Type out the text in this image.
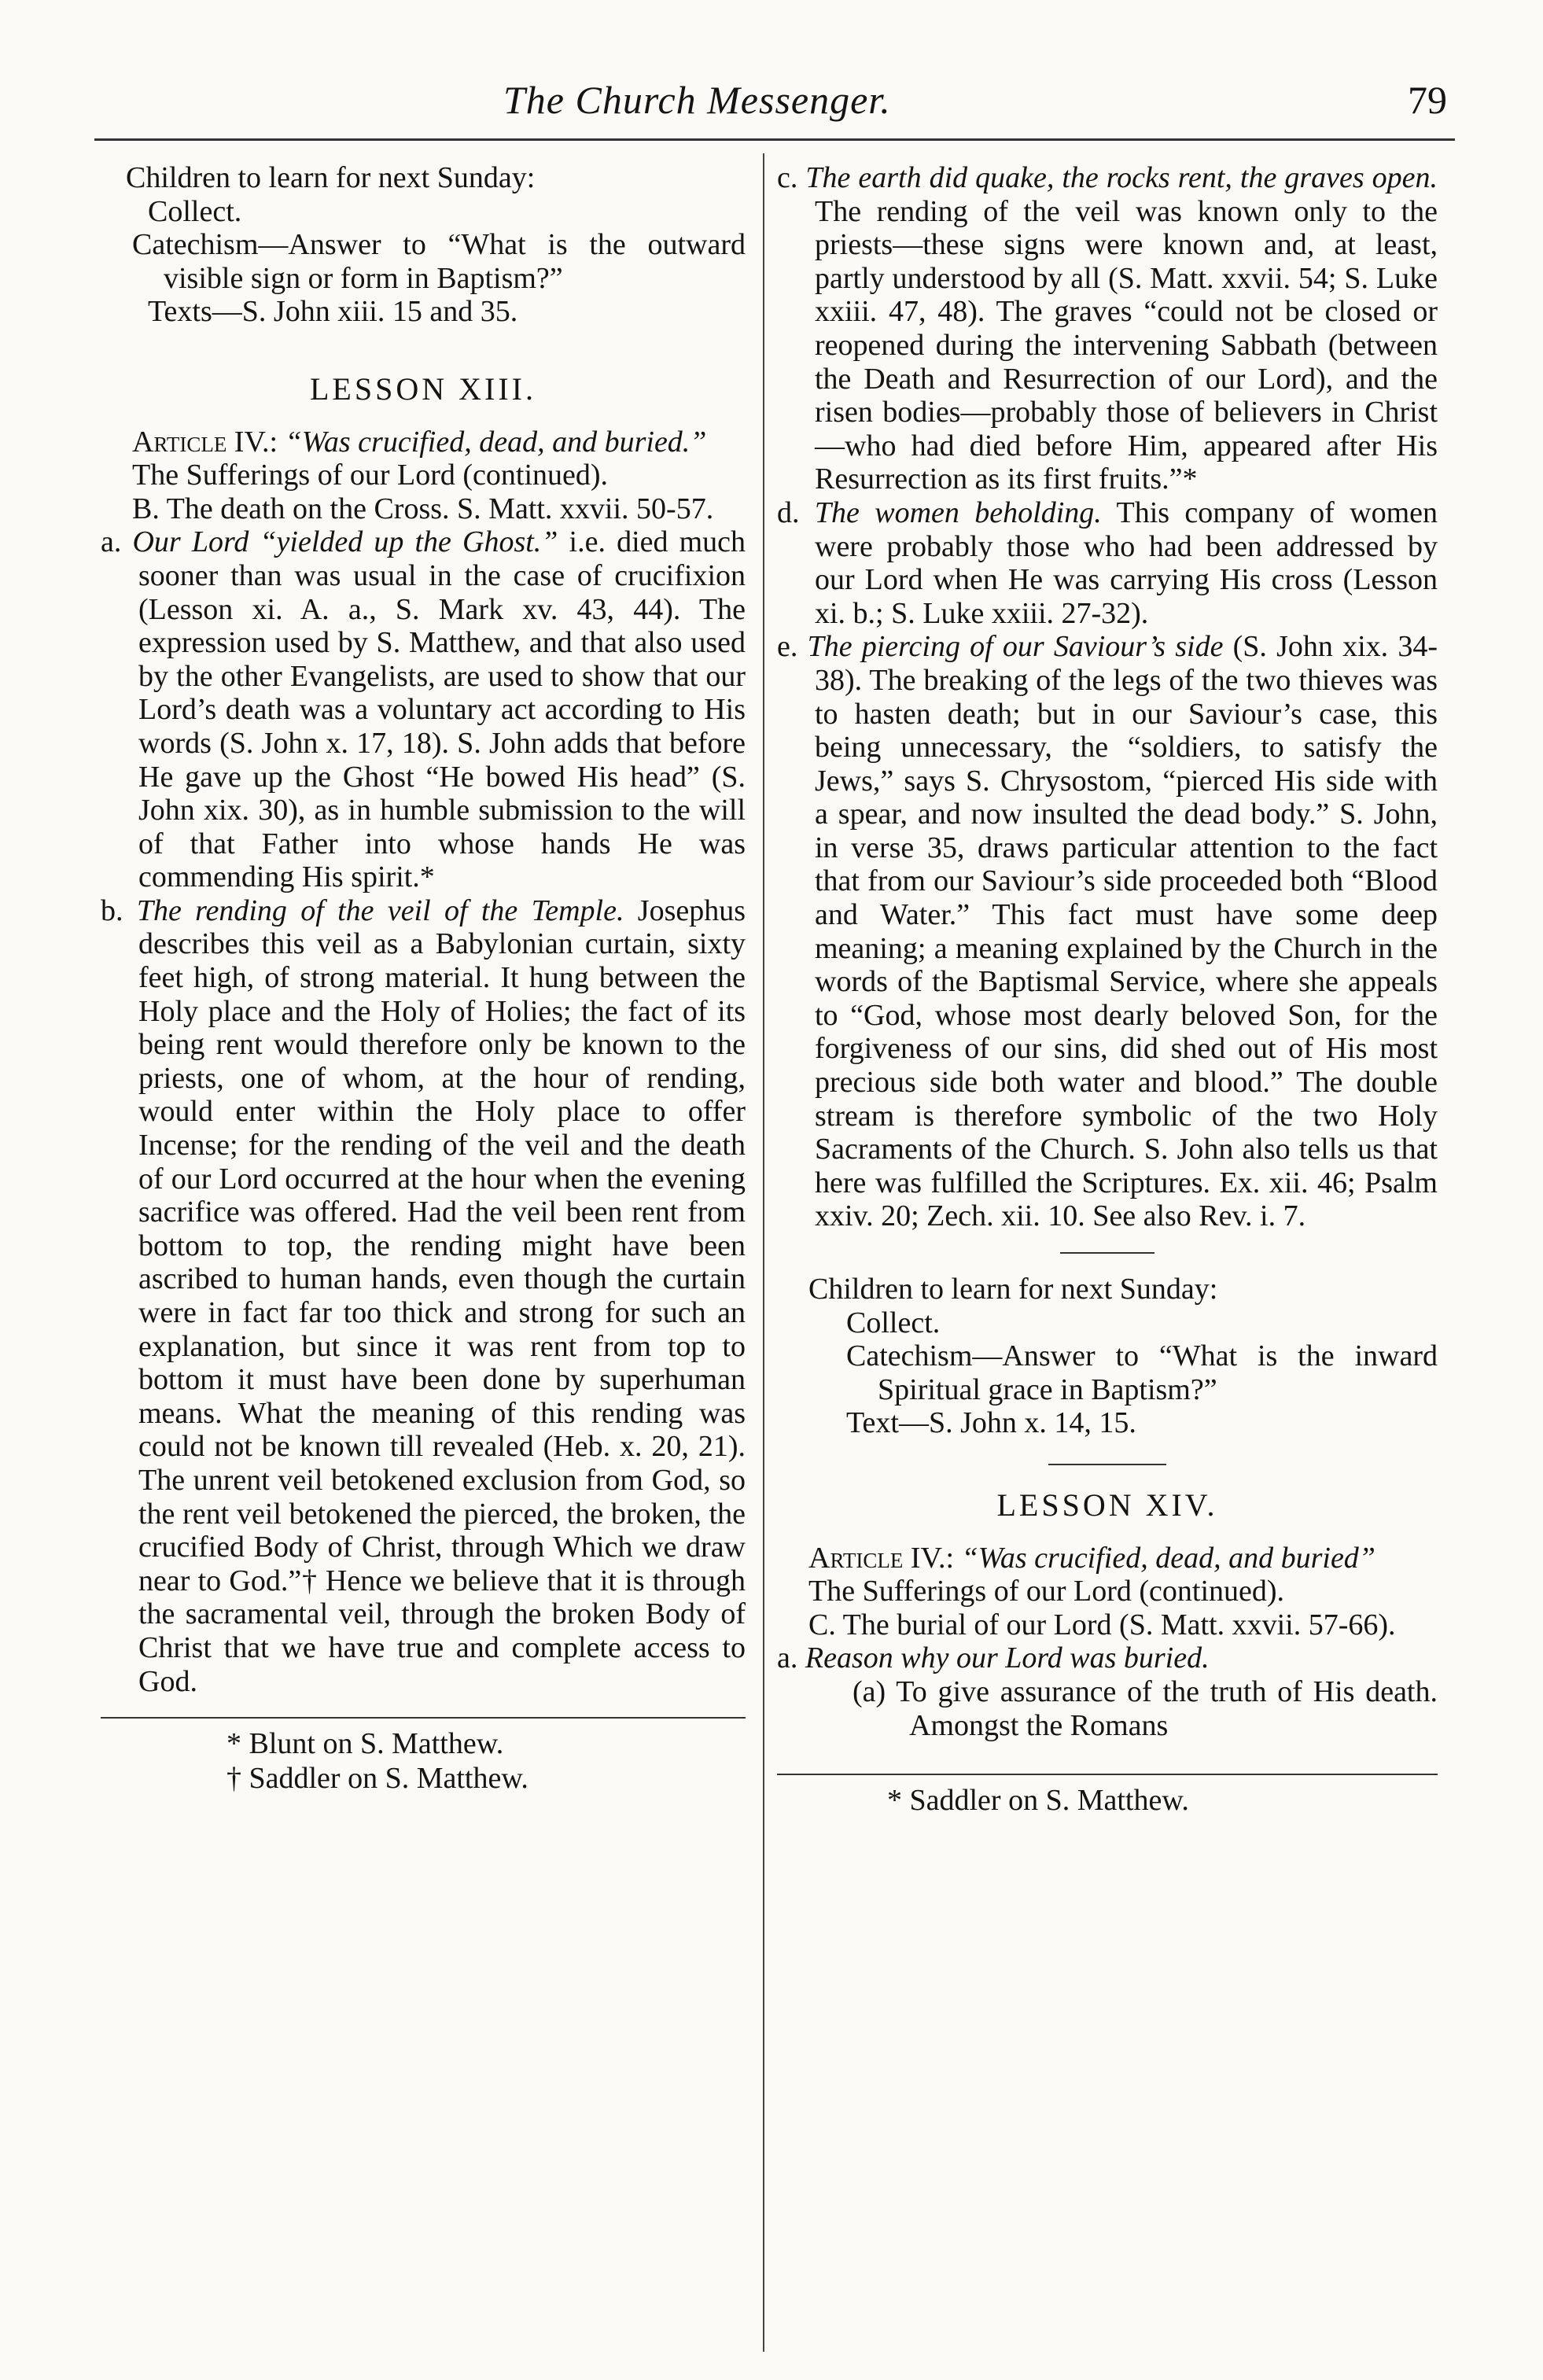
The Church Messenger.	79

Children to learn for next Sunday:

Collect.

Catechism—Answer to “What is the outward visible sign or form in Baptism?”

Texts—S. John xiii. 15 and 35.

LESSON XIII.

Article IV.: “Was crucified, dead, and buried.”

The Sufferings of our Lord (continued).

B. The death on the Cross. S. Matt. xxvii. 50-57.

a. Our Lord “yielded up the Ghost.” i.e. died much sooner than was usual in the case of crucifixion (Lesson xi. A. a., S. Mark xv. 43, 44). The expression used by S. Matthew, and that also used by the other Evangelists, are used to show that our Lord’s death was a voluntary act according to His words (S. John x. 17, 18). S. John adds that before He gave up the Ghost “He bowed His head” (S. John xix. 30), as in humble submission to the will of that Father into whose hands He was commending His spirit.*

b. The rending of the veil of the Temple. Josephus describes this veil as a Babylonian curtain, sixty feet high, of strong material. It hung between the Holy place and the Holy of Holies; the fact of its being rent would therefore only be known to the priests, one of whom, at the hour of rending, would enter within the Holy place to offer Incense; for the rending of the veil and the death of our Lord occurred at the hour when the evening sacrifice was offered. Had the veil been rent from bottom to top, the rending might have been ascribed to human hands, even though the curtain were in fact far too thick and strong for such an explanation, but since it was rent from top to bottom it must have been done by superhuman means. What the meaning of this rending was could not be known till revealed (Heb. x. 20, 21). The unrent veil betokened exclusion from God, so the rent veil betokened the pierced, the broken, the crucified Body of Christ, through Which we draw near to God.”† Hence we believe that it is through the sacramental veil, through the broken Body of Christ that we have true and complete access to God.

* Blunt on S. Matthew.

† Saddler on S. Matthew.

c. The earth did quake, the rocks rent, the graves open. The rending of the veil was known only to the priests—these signs were known and, at least, partly understood by all (S. Matt. xxvii. 54; S. Luke xxiii. 47, 48). The graves “could not be closed or reopened during the intervening Sabbath (between the Death and Resurrection of our Lord), and the risen bodies—probably those of believers in Christ—who had died before Him, appeared after His Resurrection as its first fruits.”*

d. The women beholding. This company of women were probably those who had been addressed by our Lord when He was carrying His cross (Lesson xi. b.; S. Luke xxiii. 27-32).

e. The piercing of our Saviour’s side (S. John xix. 34-38). The breaking of the legs of the two thieves was to hasten death; but in our Saviour’s case, this being unnecessary, the “soldiers, to satisfy the Jews,” says S. Chrysostom, “pierced His side with a spear, and now insulted the dead body.” S. John, in verse 35, draws particular attention to the fact that from our Saviour’s side proceeded both “Blood and Water.” This fact must have some deep meaning; a meaning explained by the Church in the words of the Baptismal Service, where she appeals to “God, whose most dearly beloved Son, for the forgiveness of our sins, did shed out of His most precious side both water and blood.” The double stream is therefore symbolic of the two Holy Sacraments of the Church. S. John also tells us that here was fulfilled the Scriptures. Ex. xii. 46; Psalm xxiv. 20; Zech. xii. 10. See also Rev. i. 7.

Children to learn for next Sunday:

Collect.

Catechism—Answer to “What is the inward Spiritual grace in Baptism?”

Text—S. John x. 14, 15.

LESSON XIV.

Article IV.: “Was crucified, dead, and buried”

The Sufferings of our Lord (continued).

C. The burial of our Lord (S. Matt. xxvii. 57-66).

a. Reason why our Lord was buried.

(a) To give assurance of the truth of His death. Amongst the Romans

* Saddler on S. Matthew.
